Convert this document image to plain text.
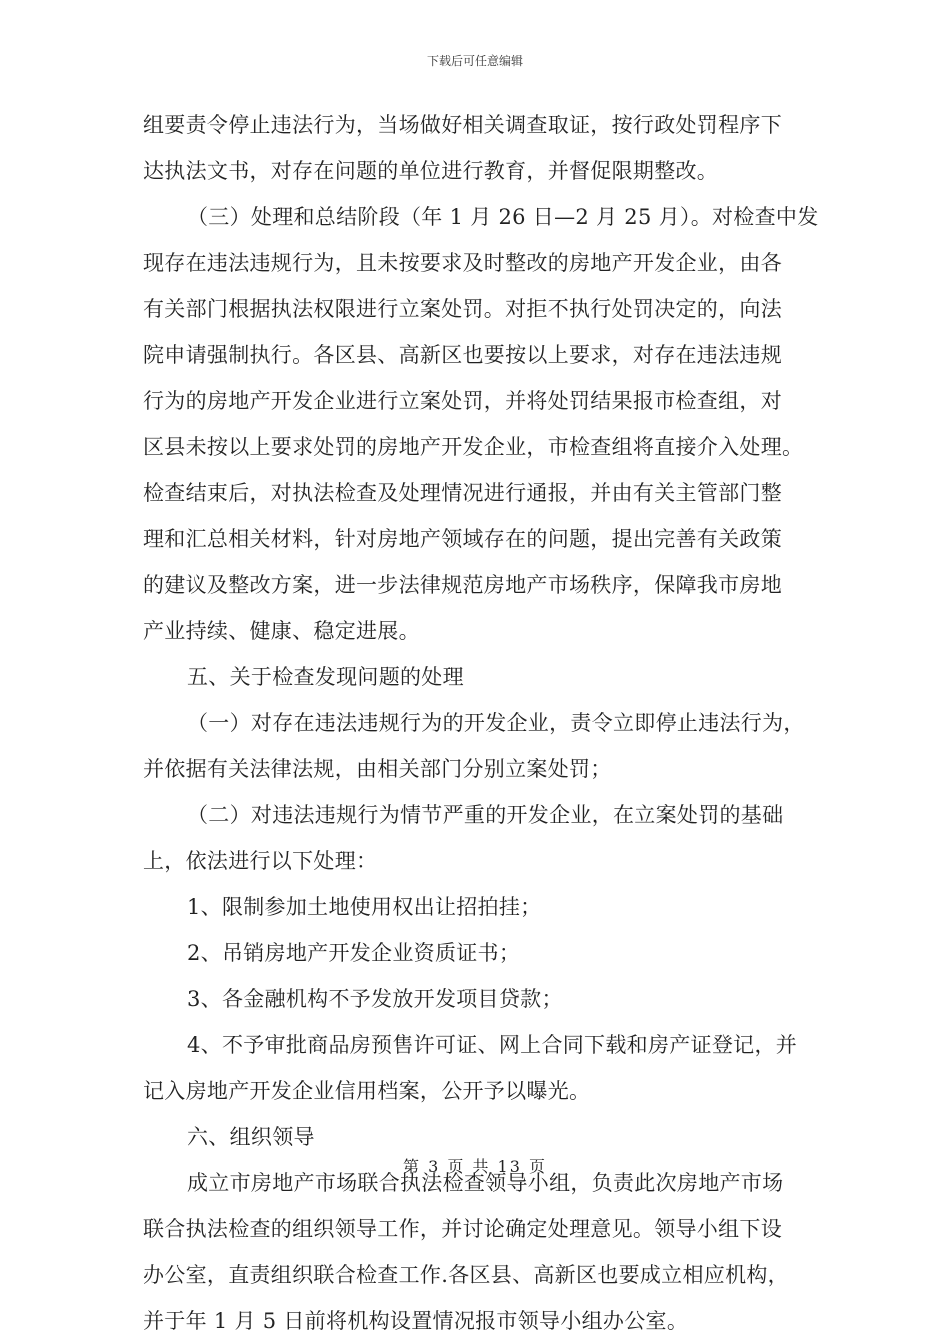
下载后可任意编辑
组要责令停止违法行为，当场做好相关调查取证，按行政处罚程序下
达执法文书，对存在问题的单位进行教育，并督促限期整改。
（三）处理和总结阶段（年 1 月 26 日—2 月 25 月）。对检查中发
现存在违法违规行为，且未按要求及时整改的房地产开发企业，由各
有关部门根据执法权限进行立案处罚。对拒不执行处罚决定的，向法
院申请强制执行。各区县、高新区也要按以上要求，对存在违法违规
行为的房地产开发企业进行立案处罚，并将处罚结果报市检查组，对
区县未按以上要求处罚的房地产开发企业，市检查组将直接介入处理。
检查结束后，对执法检查及处理情况进行通报，并由有关主管部门整
理和汇总相关材料，针对房地产领域存在的问题，提出完善有关政策
的建议及整改方案，进一步法律规范房地产市场秩序，保障我市房地
产业持续、健康、稳定进展。
五、关于检查发现问题的处理
（一）对存在违法违规行为的开发企业，责令立即停止违法行为，
并依据有关法律法规，由相关部门分别立案处罚；
（二）对违法违规行为情节严重的开发企业，在立案处罚的基础
上，依法进行以下处理：
1、限制参加土地使用权出让招拍挂；
2、吊销房地产开发企业资质证书；
3、各金融机构不予发放开发项目贷款；
4、不予审批商品房预售许可证、网上合同下载和房产证登记，并
记入房地产开发企业信用档案，公开予以曝光。
六、组织领导
成立市房地产市场联合执法检查领导小组，负责此次房地产市场
联合执法检查的组织领导工作，并讨论确定处理意见。领导小组下设
办公室，直责组织联合检查工作.各区县、高新区也要成立相应机构，
并于年 1 月 5 日前将机构设置情况报市领导小组办公室。
第 3 页 共 13 页
